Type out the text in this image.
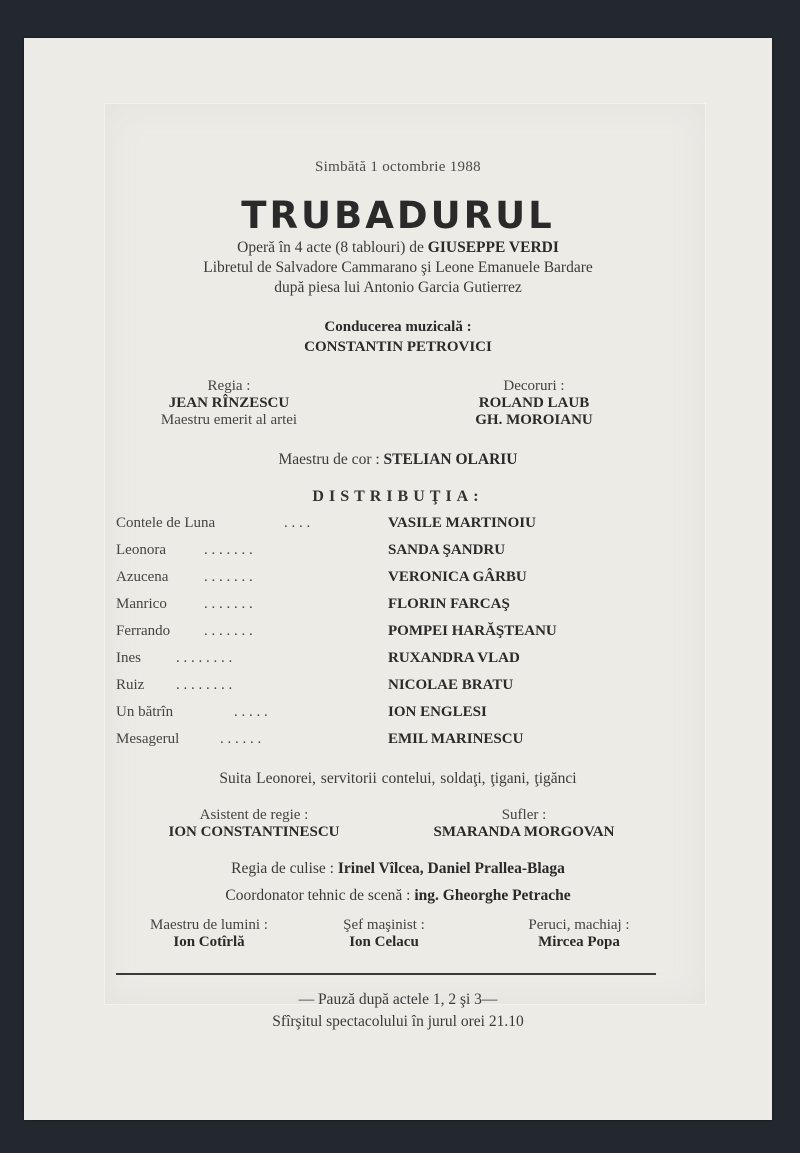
Simbătă 1 octombrie 1988
TRUBADURUL
Operă în 4 acte (8 tablouri) de GIUSEPPE VERDI
Libretul de Salvadore Cammarano şi Leone Emanuele Bardare
după piesa lui Antonio Garcia Gutierrez
Conducerea muzicală :
CONSTANTIN PETROVICI
Regia :
JEAN RÎNZESCU
Maestru emerit al artei
Decoruri :
ROLAND LAUB
GH. MOROIANU
Maestru de cor : STELIAN OLARIU
DISTRIBUŢIA:
Contele de Luna	. . . .	VASILE MARTINOIU
Leonora	. . . . . . .	SANDA ŞANDRU
Azucena . . . . . . .	VERONICA GÂRBU
Manrico . . . . . . .	FLORIN FARCAŞ
Ferrando . . . . . . .	POMPEI HARĂŞTEANU
Ines . . . . . . . .	RUXANDRA VLAD
Ruiz . . . . . . . .	NICOLAE BRATU
Un bătrîn	. . . . .	ION ENGLESI
Mesagerul	. . . . . .	EMIL MARINESCU
Suita Leonorei, servitorii contelui, soldaţi, ţigani, ţigănci
Asistent de regie :
ION CONSTANTINESCU
Sufler :
SMARANDA MORGOVAN
Regia de culise : Irinel Vîlcea, Daniel Prallea-Blaga
Coordonator tehnic de scenă : ing. Gheorghe Petrache
Maestru de lumini :
Ion Cotîrlă
Şef maşinist :
Ion Celacu
Peruci, machiaj :
Mircea Popa
— Pauză după actele 1, 2 şi 3—
Sfîrşitul spectacolului în jurul orei 21.10
